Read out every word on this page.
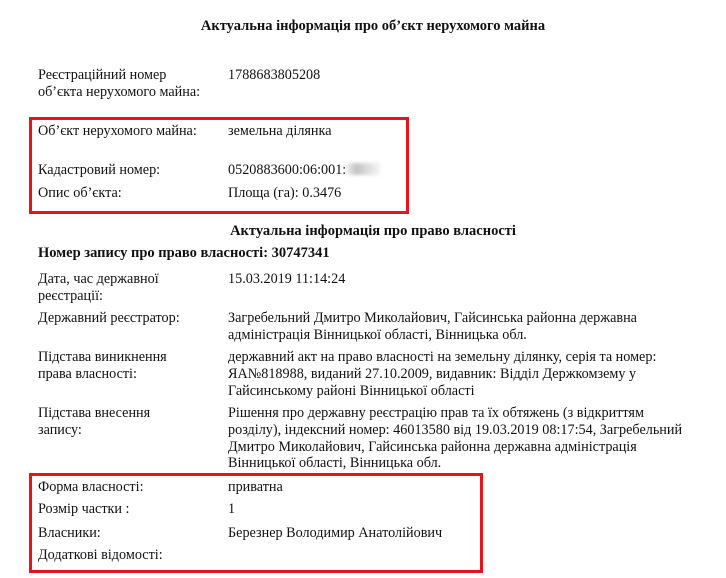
Актуальна інформація про об’єкт нерухомого майна
Реєстраційний номер об’єкта нерухомого майна:
1788683805208
Об’єкт нерухомого майна:	земельна ділянка
Кадастровий номер:	0520883600:06:001:
Опис об’єкта:	Площа (га): 0.3476
Актуальна інформація про право власності
Номер запису про право власності: 30747341
Дата, час державної реєстрації:
15.03.2019 11:14:24
Державний реєстратор:	Загребельний Дмитро Миколайович, Гайсинська районна державна адміністрація Вінницької області, Вінницька обл.
Підстава виникнення права власності:
державний акт на право власності на земельну ділянку, серія та номер: ЯА№818988, виданий 27.10.2009, видавник: Відділ Держкомзему у Гайсинському районі Вінницької області
Підстава внесення запису:
Рішення про державну реєстрацію прав та їх обтяжень (з відкриттям розділу), індексний номер: 46013580 від 19.03.2019 08:17:54, Загребельний Дмитро Миколайович, Гайсинська районна державна адміністрація Вінницької області, Вінницька обл.
Форма власності:	приватна
Розмір частки :	1
Власники:	Березнер Володимир Анатолійович
Додаткові відомості:
